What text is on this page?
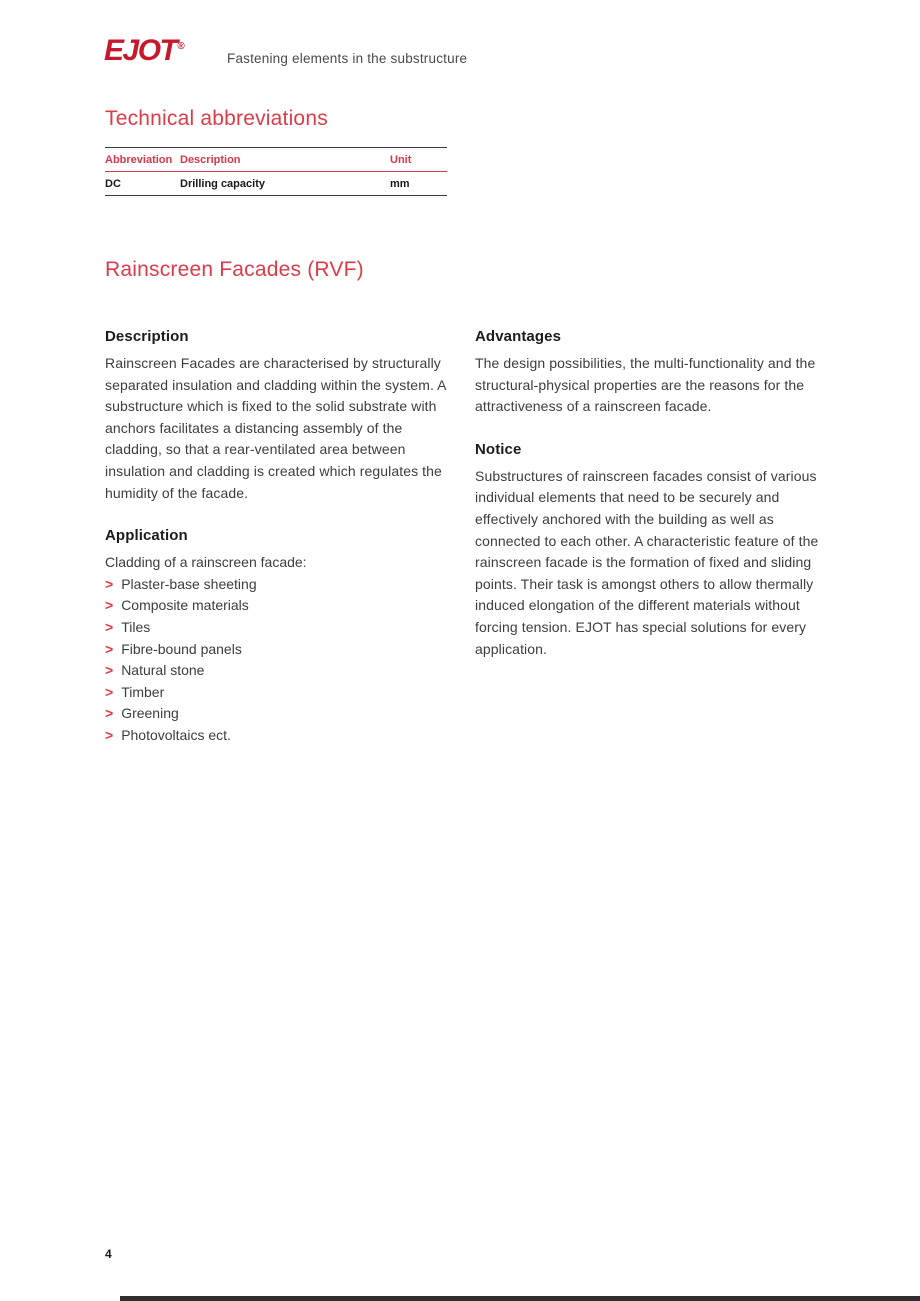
EJOT®
Fastening elements in the substructure
Technical abbreviations
Abbreviation	Description	Unit
DC	Drilling capacity	mm
Rainscreen Facades (RVF)
Description

Rainscreen Facades are characterised by structurally separated insulation and cladding within the system. A substructure which is fixed to the solid substrate with anchors facilitates a distancing assembly of the cladding, so that a rear-ventilated area between insulation and cladding is created which regulates the humidity of the facade.

Application

Cladding of a rainscreen facade:

> Plaster-base sheeting
> Composite materials
> Tiles
> Fibre-bound panels
> Natural stone
> Timber
> Greening
> Photovoltaics ect.
Advantages

The design possibilities, the multi-functionality and the structural-physical properties are the reasons for the attractiveness of a rainscreen facade.

Notice

Substructures of rainscreen facades consist of various individual elements that need to be securely and effectively anchored with the building as well as connected to each other. A characteristic feature of the rainscreen facade is the formation of fixed and sliding points. Their task is amongst others to allow thermally induced elongation of the different materials without forcing tension. EJOT has special solutions for every application.

4
